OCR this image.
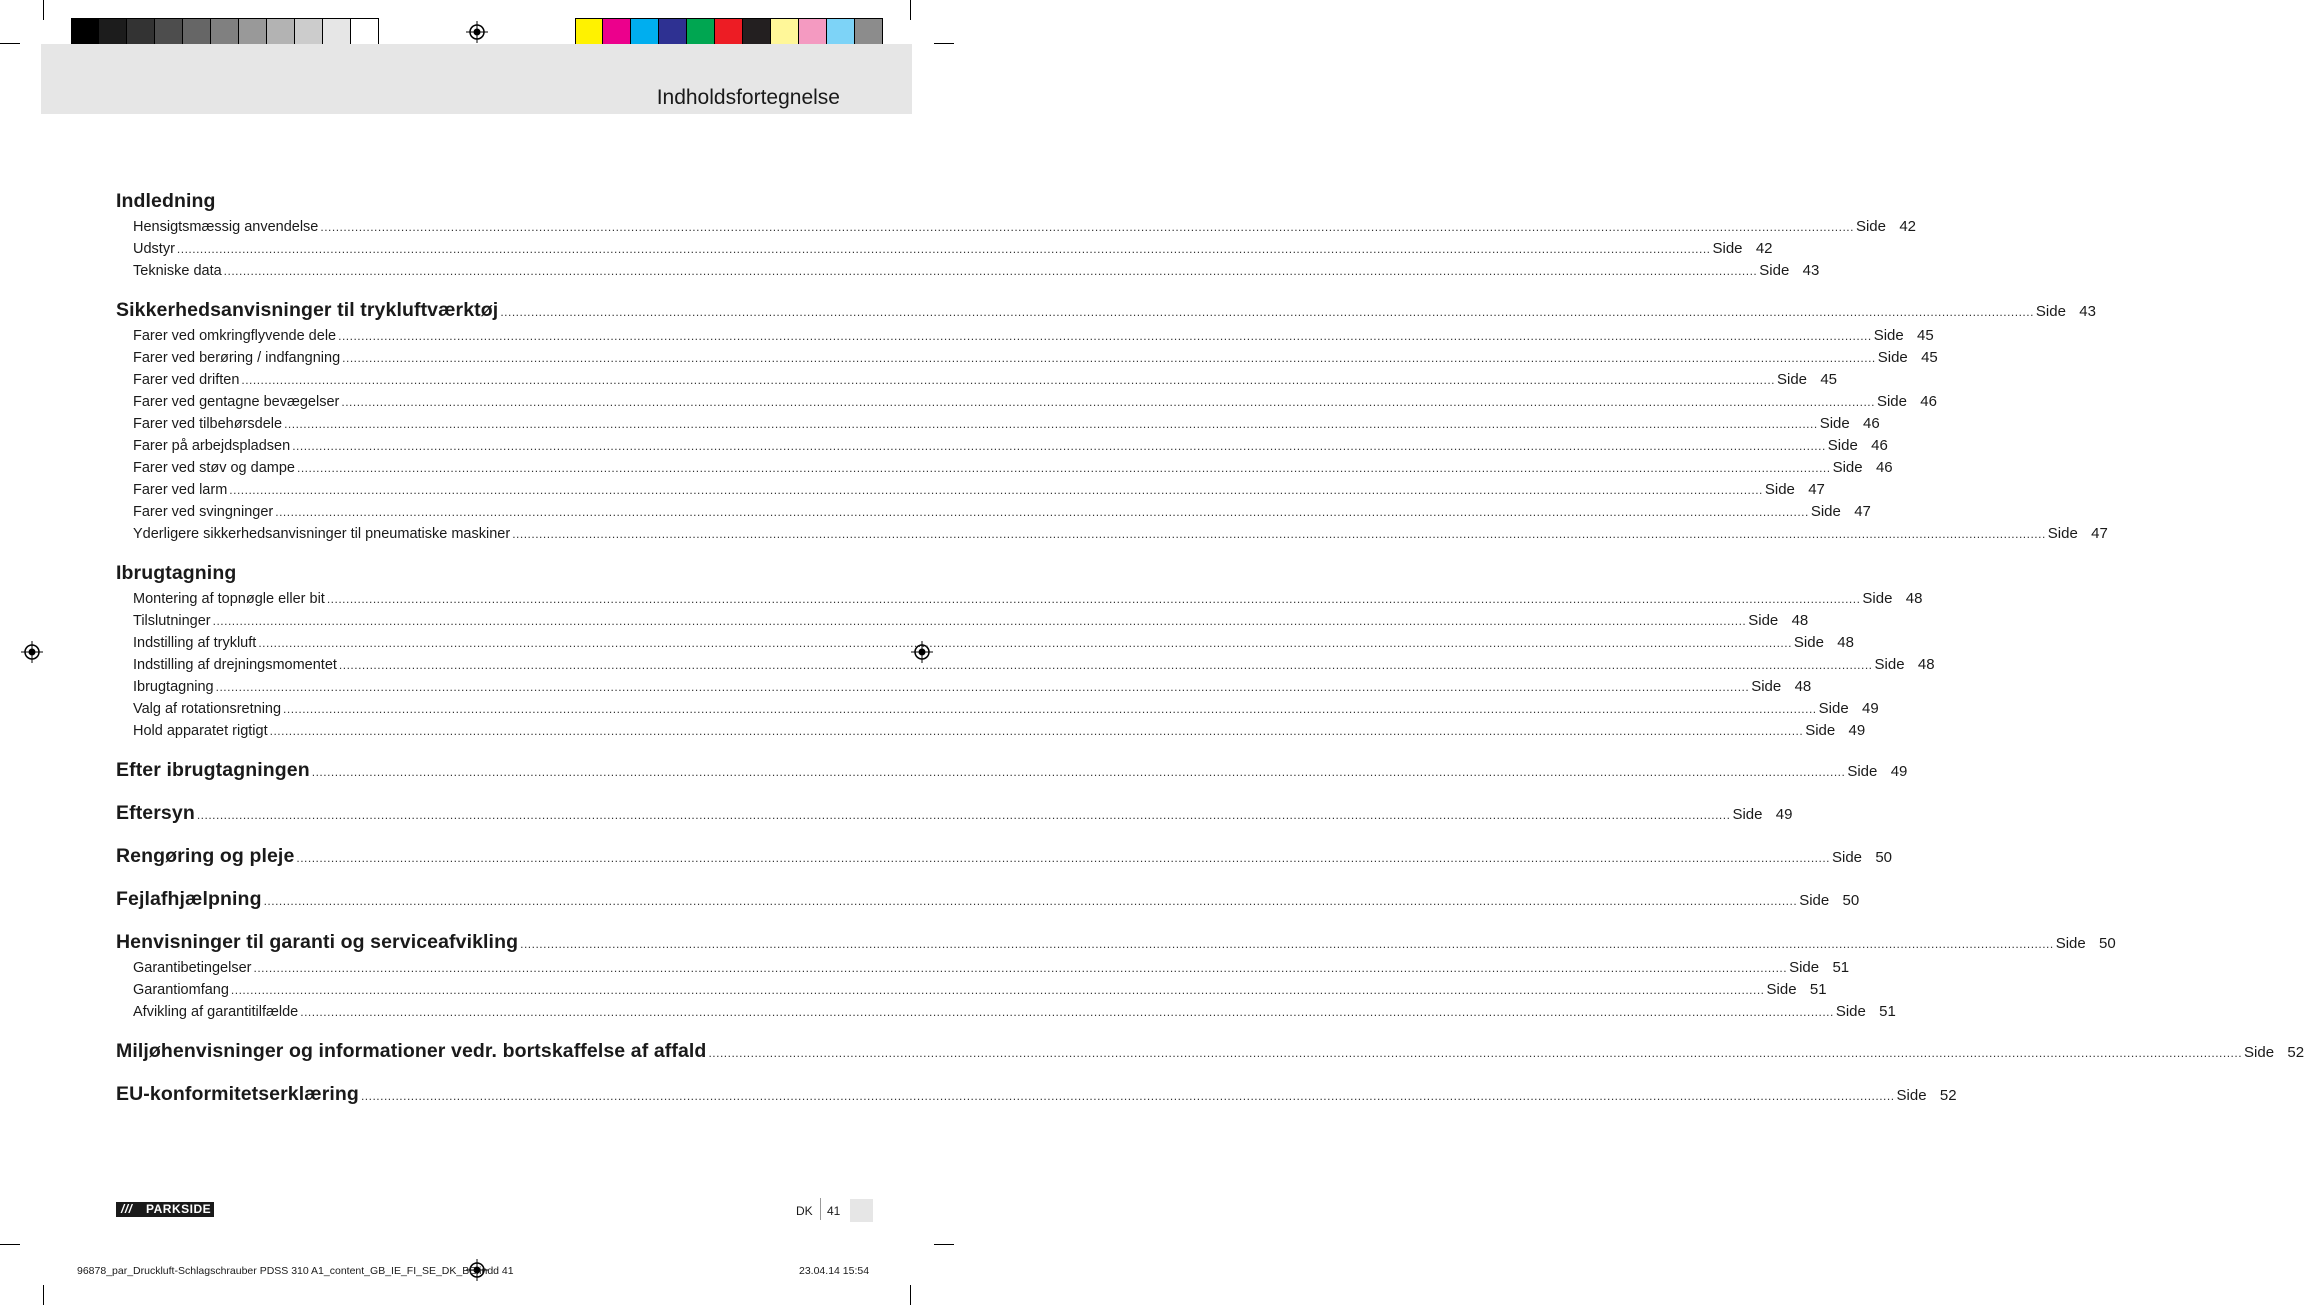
Indholdsfortegnelse
Indledning
Hensigtsmæssig anvendelse ................................................................................................................................................................................................................................................................................................................................................................................................................ Side 42
Udstyr ................................................................................................................................................................................................................................................................................................................................................................................................................ Side 42
Tekniske data ................................................................................................................................................................................................................................................................................................................................................................................................................ Side 43
Sikkerhedsanvisninger til trykluftværktøj ................................................................................................................................................................................................................................................................................................................................................................................................................ Side 43
Farer ved omkringflyvende dele ................................................................................................................................................................................................................................................................................................................................................................................................................ Side 45
Farer ved berøring / indfangning ................................................................................................................................................................................................................................................................................................................................................................................................................ Side 45
Farer ved driften ................................................................................................................................................................................................................................................................................................................................................................................................................ Side 45
Farer ved gentagne bevægelser ................................................................................................................................................................................................................................................................................................................................................................................................................ Side 46
Farer ved tilbehørsdele ................................................................................................................................................................................................................................................................................................................................................................................................................ Side 46
Farer på arbejdspladsen ................................................................................................................................................................................................................................................................................................................................................................................................................ Side 46
Farer ved støv og dampe ................................................................................................................................................................................................................................................................................................................................................................................................................ Side 46
Farer ved larm ................................................................................................................................................................................................................................................................................................................................................................................................................ Side 47
Farer ved svingninger ................................................................................................................................................................................................................................................................................................................................................................................................................ Side 47
Yderligere sikkerhedsanvisninger til pneumatiske maskiner ................................................................................................................................................................................................................................................................................................................................................................................................................ Side 47
Ibrugtagning
Montering af topnøgle eller bit ................................................................................................................................................................................................................................................................................................................................................................................................................ Side 48
Tilslutninger ................................................................................................................................................................................................................................................................................................................................................................................................................ Side 48
Indstilling af trykluft ................................................................................................................................................................................................................................................................................................................................................................................................................ Side 48
Indstilling af drejningsmomentet ................................................................................................................................................................................................................................................................................................................................................................................................................ Side 48
Ibrugtagning ................................................................................................................................................................................................................................................................................................................................................................................................................ Side 48
Valg af rotationsretning ................................................................................................................................................................................................................................................................................................................................................................................................................ Side 49
Hold apparatet rigtigt ................................................................................................................................................................................................................................................................................................................................................................................................................ Side 49
Efter ibrugtagningen ................................................................................................................................................................................................................................................................................................................................................................................................................ Side 49
Eftersyn ................................................................................................................................................................................................................................................................................................................................................................................................................ Side 49
Rengøring og pleje ................................................................................................................................................................................................................................................................................................................................................................................................................ Side 50
Fejlafhjælpning ................................................................................................................................................................................................................................................................................................................................................................................................................ Side 50
Henvisninger til garanti og serviceafvikling ................................................................................................................................................................................................................................................................................................................................................................................................................ Side 50
Garantibetingelser ................................................................................................................................................................................................................................................................................................................................................................................................................ Side 51
Garantiomfang ................................................................................................................................................................................................................................................................................................................................................................................................................ Side 51
Afvikling af garantitilfælde ................................................................................................................................................................................................................................................................................................................................................................................................................ Side 51
Miljøhenvisninger og informationer vedr. bortskaffelse af affald ................................................................................................................................................................................................................................................................................................................................................................................................................ Side 52
EU-konformitetserklæring ................................................................................................................................................................................................................................................................................................................................................................................................................ Side 52
/// PARKSIDE	DK 41
96878_par_Druckluft-Schlagschrauber PDSS 310 A1_content_GB_IE_FI_SE_DK_BE.indd 41	23.04.14 15:54
